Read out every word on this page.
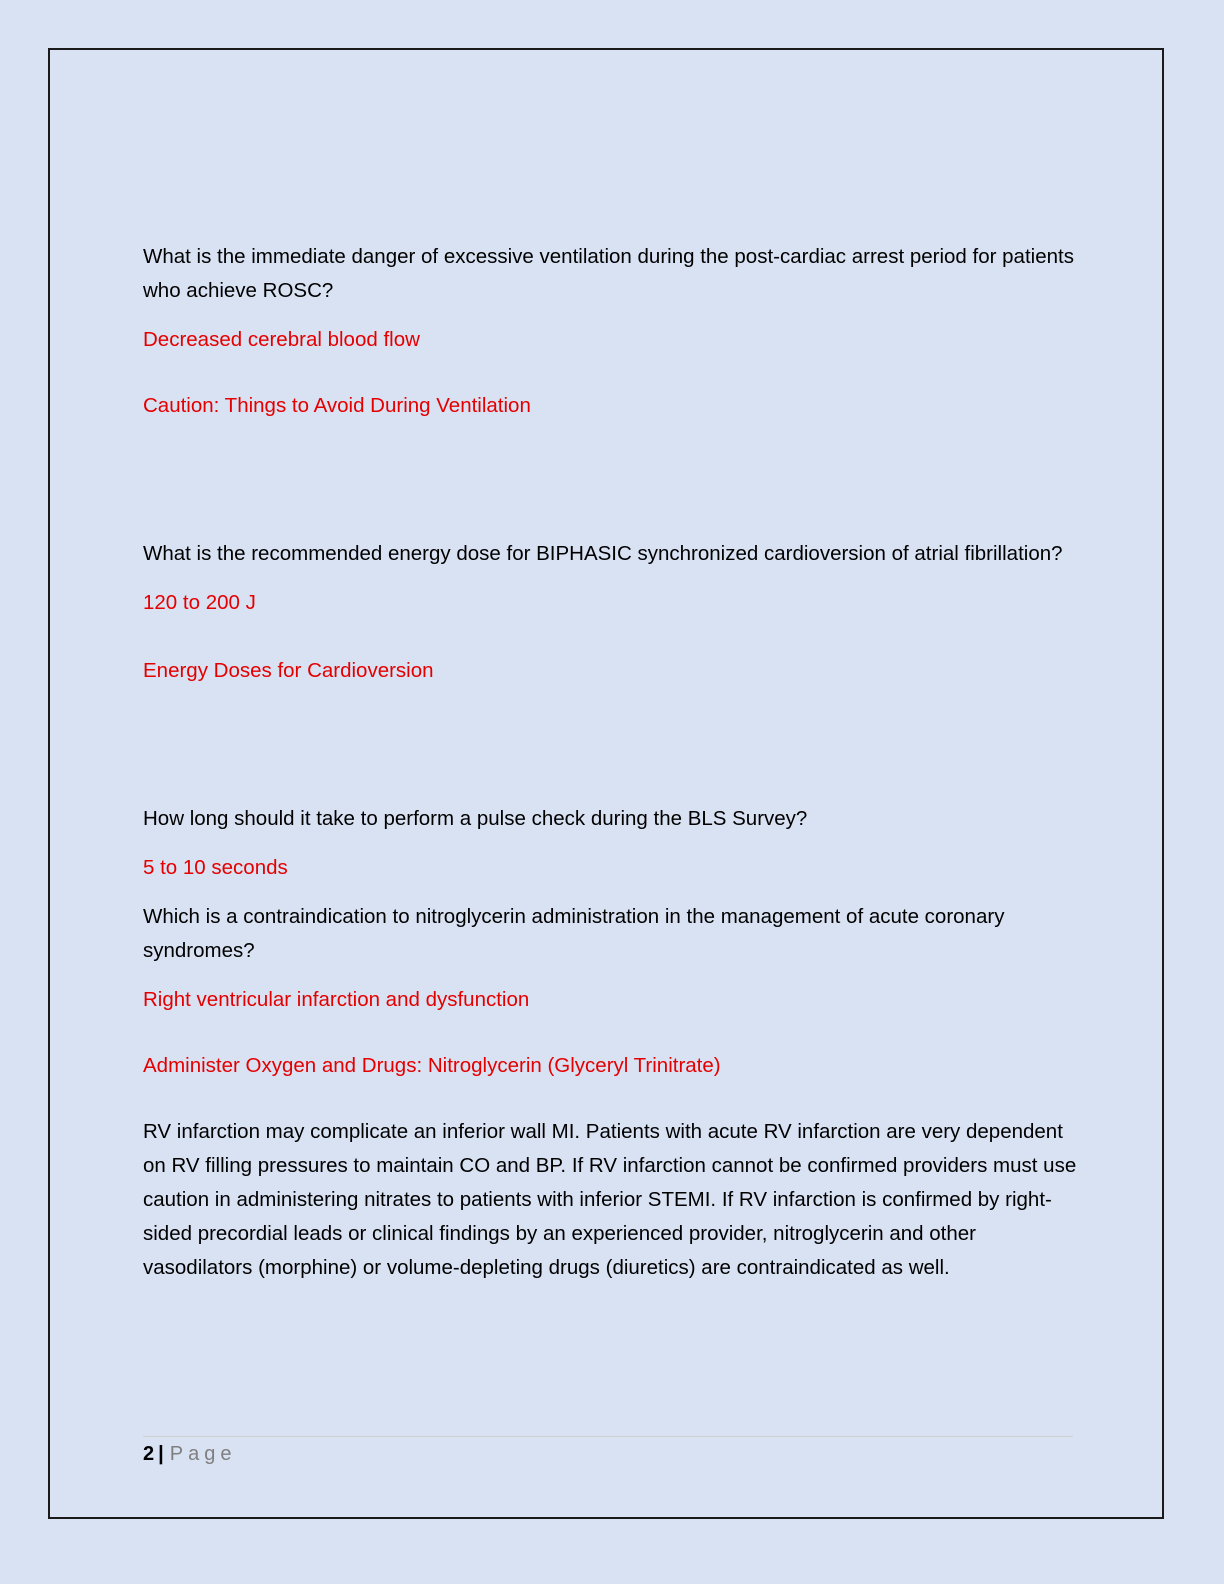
What is the immediate danger of excessive ventilation during the post-cardiac arrest period for patients who achieve ROSC?

Decreased cerebral blood flow

Caution: Things to Avoid During Ventilation

What is the recommended energy dose for BIPHASIC synchronized cardioversion of atrial fibrillation?

120 to 200 J

Energy Doses for Cardioversion

How long should it take to perform a pulse check during the BLS Survey?

5 to 10 seconds

Which is a contraindication to nitroglycerin administration in the management of acute coronary syndromes?

Right ventricular infarction and dysfunction

Administer Oxygen and Drugs: Nitroglycerin (Glyceryl Trinitrate)

RV infarction may complicate an inferior wall MI. Patients with acute RV infarction are very dependent on RV filling pressures to maintain CO and BP. If RV infarction cannot be confirmed providers must use caution in administering nitrates to patients with inferior STEMI. If RV infarction is confirmed by right-sided precordial leads or clinical findings by an experienced provider, nitroglycerin and other vasodilators (morphine) or volume-depleting drugs (diuretics) are contraindicated as well.

2 | Page
